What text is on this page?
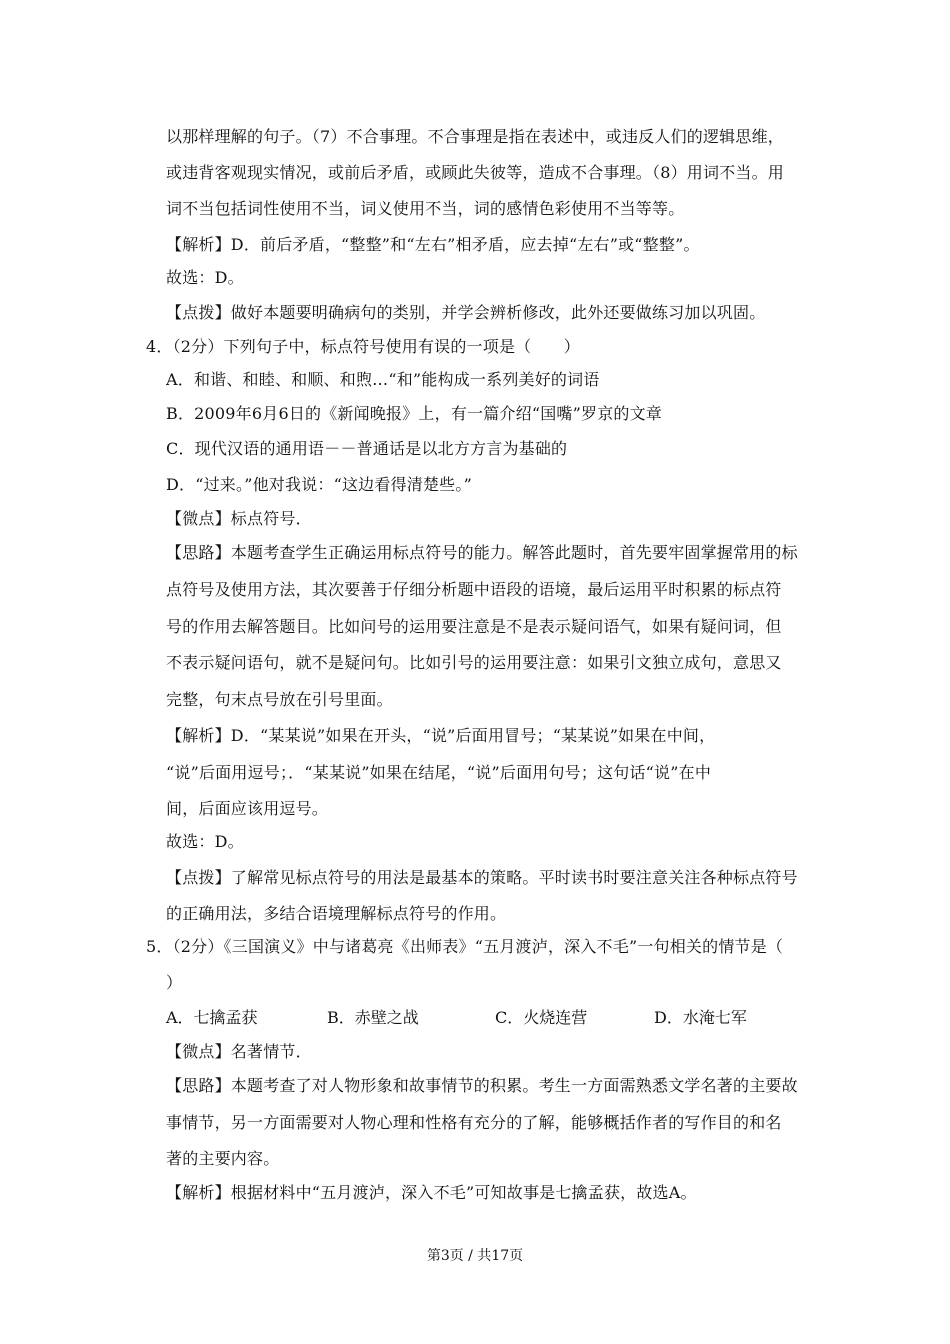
以那样理解的句子。（7）不合事理。不合事理是指在表述中，或违反人们的逻辑思维，
或违背客观现实情况，或前后矛盾，或顾此失彼等，造成不合事理。（8）用词不当。用
词不当包括词性使用不当，词义使用不当，词的感情色彩使用不当等等。
【解析】D．前后矛盾，“整整”和“左右”相矛盾，应去掉“左右”或“整整”。
故选：D。
【点拨】做好本题要明确病句的类别，并学会辨析修改，此外还要做练习加以巩固。
4．（2分）下列句子中，标点符号使用有误的一项是（　　）
A．和谐、和睦、和顺、和煦…“和”能构成一系列美好的词语
B．2009年6月6日的《新闻晚报》上，有一篇介绍“国嘴”罗京的文章
C．现代汉语的通用语－－普通话是以北方方言为基础的
D．“过来。”他对我说：“这边看得清楚些。”
【微点】标点符号．
【思路】本题考查学生正确运用标点符号的能力。解答此题时，首先要牢固掌握常用的标
点符号及使用方法，其次要善于仔细分析题中语段的语境，最后运用平时积累的标点符
号的作用去解答题目。比如问号的运用要注意是不是表示疑问语气，如果有疑问词，但
不表示疑问语句，就不是疑问句。比如引号的运用要注意：如果引文独立成句，意思又
完整，句末点号放在引号里面。
【解析】D．“某某说”如果在开头，“说”后面用冒号；“某某说”如果在中间，
“说”后面用逗号；．“某某说”如果在结尾，“说”后面用句号；这句话“说”在中
间，后面应该用逗号。
故选：D。
【点拨】了解常见标点符号的用法是最基本的策略。平时读书时要注意关注各种标点符号
的正确用法，多结合语境理解标点符号的作用。
5．（2分）《三国演义》中与诸葛亮《出师表》“五月渡泸，深入不毛”一句相关的情节是（
）
A．七擒孟获	B．赤壁之战	C．火烧连营	D．水淹七军
【微点】名著情节．
【思路】本题考查了对人物形象和故事情节的积累。考生一方面需熟悉文学名著的主要故
事情节，另一方面需要对人物心理和性格有充分的了解，能够概括作者的写作目的和名
著的主要内容。
【解析】根据材料中“五月渡泸，深入不毛”可知故事是七擒孟获，故选A。
第3页 / 共17页
